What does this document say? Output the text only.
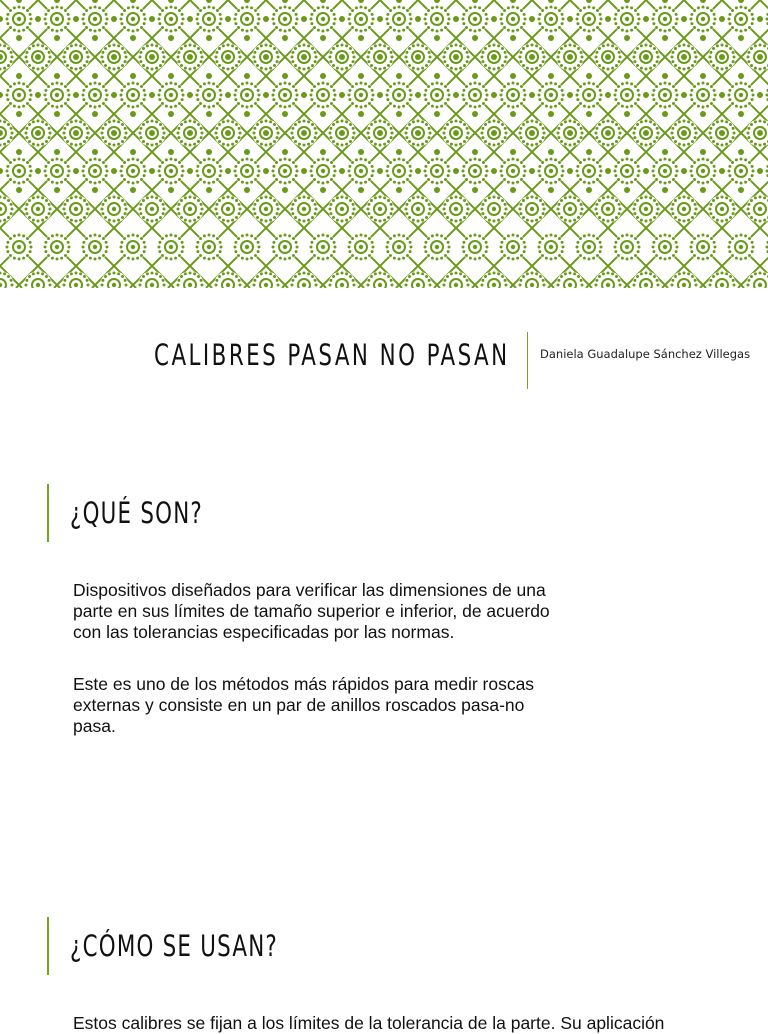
CALIBRES PASAN NO PASAN	Daniela Guadalupe Sánchez Villegas
¿QUÉ SON?

Dispositivos diseñados para verificar las dimensiones de una parte en sus límites de tamaño superior e inferior, de acuerdo con las tolerancias especificadas por las normas.

Este es uno de los métodos más rápidos para medir roscas externas y consiste en un par de anillos roscados pasa-no pasa.

¿CÓMO SE USAN?
Estos calibres se fijan a los límites de la tolerancia de la parte. Su aplicación
